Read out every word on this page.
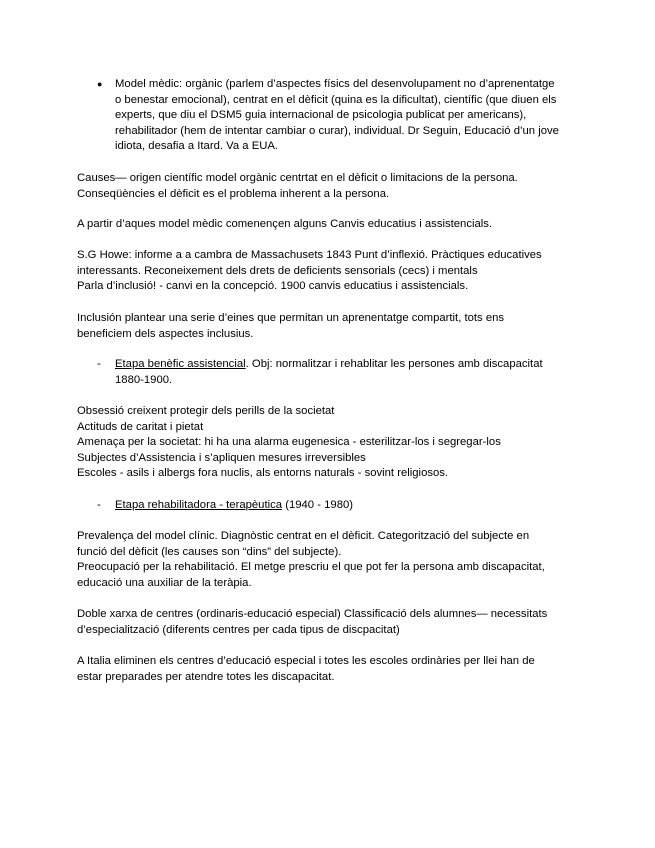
● Model mèdic: orgànic (parlem d’aspectes físics del desenvolupament no d’aprenentatge
o benestar emocional), centrat en el dèficit (quina es la dificultat), científic (que diuen els
experts, que diu el DSM5 guia internacional de psicologia publicat per americans),
rehabilitador (hem de intentar cambiar o curar), individual. Dr Seguin, Educació d’un jove
idiota, desafia a Itard. Va a EUA.
Causes— origen científic model orgànic centrtat en el dèficit o limitacions de la persona.
Conseqüències el dèficit es el problema inherent a la persona.
A partir d’aques model mèdic comenençen alguns Canvis educatius i assistencials.
S.G Howe: informe a a cambra de Massachusets 1843 Punt d’inflexió. Pràctiques educatives
interessants. Reconeixement dels drets de deficients sensorials (cecs) i mentals
Parla d’inclusió! - canvi en la concepció. 1900 canvis educatius i assistencials.
Inclusión plantear una serie d’eines que permitan un aprenentatge compartit, tots ens
beneficiem dels aspectes inclusius.
- Etapa benèfic assistencial. Obj: normalitzar i rehablitar les persones amb discapacitat
1880-1900.
Obsessió creixent protegir dels perills de la societat
Actituds de caritat i pietat
Amenaça per la societat: hi ha una alarma eugenesica - esterilitzar-los i segregar-los
Subjectes d’Assistencia i s’apliquen mesures irreversibles
Escoles - asils i albergs fora nuclis, als entorns naturals - sovint religiosos.
- Etapa rehabilitadora - terapèutica (1940 - 1980)
Prevalença del model clínic. Diagnòstic centrat en el dèficit. Categorització del subjecte en
funció del dèficit (les causes son “dins” del subjecte).
Preocupació per la rehabilitació. El metge prescriu el que pot fer la persona amb discapacitat,
educació una auxiliar de la teràpia.
Doble xarxa de centres (ordinaris-educació especial) Classificació dels alumnes— necessitats
d’especialització (diferents centres per cada tipus de discpacitat)
A Italia eliminen els centres d’educació especial i totes les escoles ordinàries per llei han de
estar preparades per atendre totes les discapacitat.
